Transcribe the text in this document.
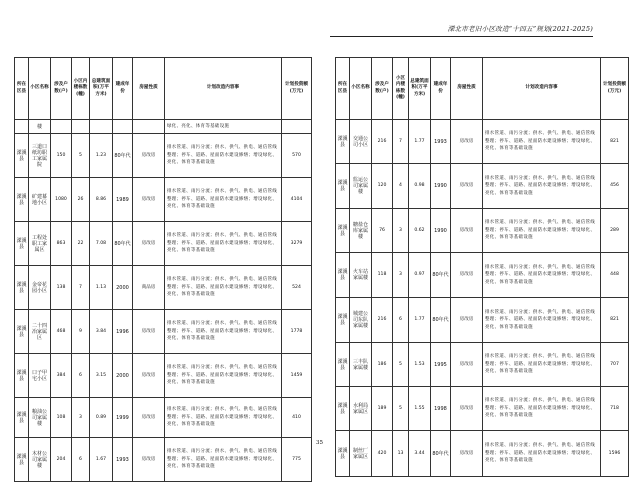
溧北市老旧小区改造“十四五”规划(2021-2025)
所在区县	小区名称	涉及户数(户)	小区内楼栋数(幢)	总建筑面积(万平方米)	建成年份	房屋性质	计划改造内容事	计划投资额(万元)
	楼						绿化、亮化、体育等基础设施	
溧溪县	三道口纸坊职工家属院	150	5	1.23	80年代	房改房	排水管道、雨污分流；供水、供气、供电、通信管线整理；停车、道路、屋面防水建设修缮；增设绿化、亮化、体育等基础设施	570
溧溪县	矿建幕地小区	1080	26	8.86	1989	房改房	排水管道、雨污分流；供水、供气、供电、通信管线整理；停车、道路、屋面防水建设修缮；增设绿化、亮化、体育等基础设施	4104
溧溪县	工程处职工家属区	863	22	7.08	80年代	房改房	排水管道、雨污分流；供水、供气、供电、通信管线整理；停车、道路、屋面防水建设修缮；增设绿化、亮化、体育等基础设施	3279
溧溪县	金帝花园小区	138	7	1.13	2000	商品房	排水管道、雨污分流；供水、供气、供电、通信管线整理；停车、道路、屋面防水建设修缮；增设绿化、亮化、体育等基础设施	524
溧溪县	二十四冶家属区	468	9	3.84	1996	房改房	排水管道、雨污分流；供水、供气、供电、通信管线整理；停车、道路、屋面防水建设修缮；增设绿化、亮化、体育等基础设施	1778
溧溪县	口子甲宅小区	384	6	3.15	2000	房改房	排水管道、雨污分流；供水、供气、供电、通信管线整理；停车、道路、屋面防水建设修缮；增设绿化、亮化、体育等基础设施	1459
溧溪县	粮油公司家属楼	108	3	0.89	1999	房改房	排水管道、雨污分流；供水、供气、供电、通信管线整理；停车、道路、屋面防水建设修缮；增设绿化、亮化、体育等基础设施	410
溧溪县	木材公司家属楼	204	6	1.67	1993	房改房	排水管道、雨污分流；供水、供气、供电、通信管线整理；停车、道路、屋面防水建设修缮；增设绿化、亮化、体育等基础设施	775
所在区县	小区名称	涉及户数(户)	小区内楼栋数(幢)	总建筑面积(万平方米)	建成年份	房屋性质	计划改造内容事	计划投资额(万元)
溧溪县	交通公司小区	216	7	1.77	1993	房改房	排水管道、雨污分流；供水、供气、供电、通信管线整理；停车、道路、屋面防水建设修缮；增设绿化、亮化、体育等基础设施	821
溧溪县	监运公司家属楼	120	4	0.98	1990	房改房	排水管道、雨污分流；供水、供气、供电、通信管线整理；停车、道路、屋面防水建设修缮；增设绿化、亮化、体育等基础设施	456
溧溪县	糖盐仓库家属楼	76	3	0.62	1990	房改房	排水管道、雨污分流；供水、供气、供电、通信管线整理；停车、道路、屋面防水建设修缮；增设绿化、亮化、体育等基础设施	289
溧溪县	火车站家属楼	118	3	0.97	80年代	房改房	排水管道、雨污分流；供水、供气、供电、通信管线整理；停车、道路、屋面防水建设修缮；增设绿化、亮化、体育等基础设施	448
溧溪县	城建公司东队家属楼	216	6	1.77	80年代	房改房	排水管道、雨污分流；供水、供气、供电、通信管线整理；停车、道路、屋面防水建设修缮；增设绿化、亮化、体育等基础设施	821
溧溪县	三丰队家属楼	186	5	1.53	1995	房改房	排水管道、雨污分流；供水、供气、供电、通信管线整理；停车、道路、屋面防水建设修缮；增设绿化、亮化、体育等基础设施	707
溧溪县	水利局家属区	189	5	1.55	1998	房改房	排水管道、雨污分流；供水、供气、供电、通信管线整理；停车、道路、屋面防水建设修缮；增设绿化、亮化、体育等基础设施	718
溧溪县	制丝厂家属区	420	13	3.44	80年代	房改房	排水管道、雨污分流；供水、供气、供电、通信管线整理；停车、道路、屋面防水建设修缮；增设绿化、亮化、体育等基础设施	1596
35
